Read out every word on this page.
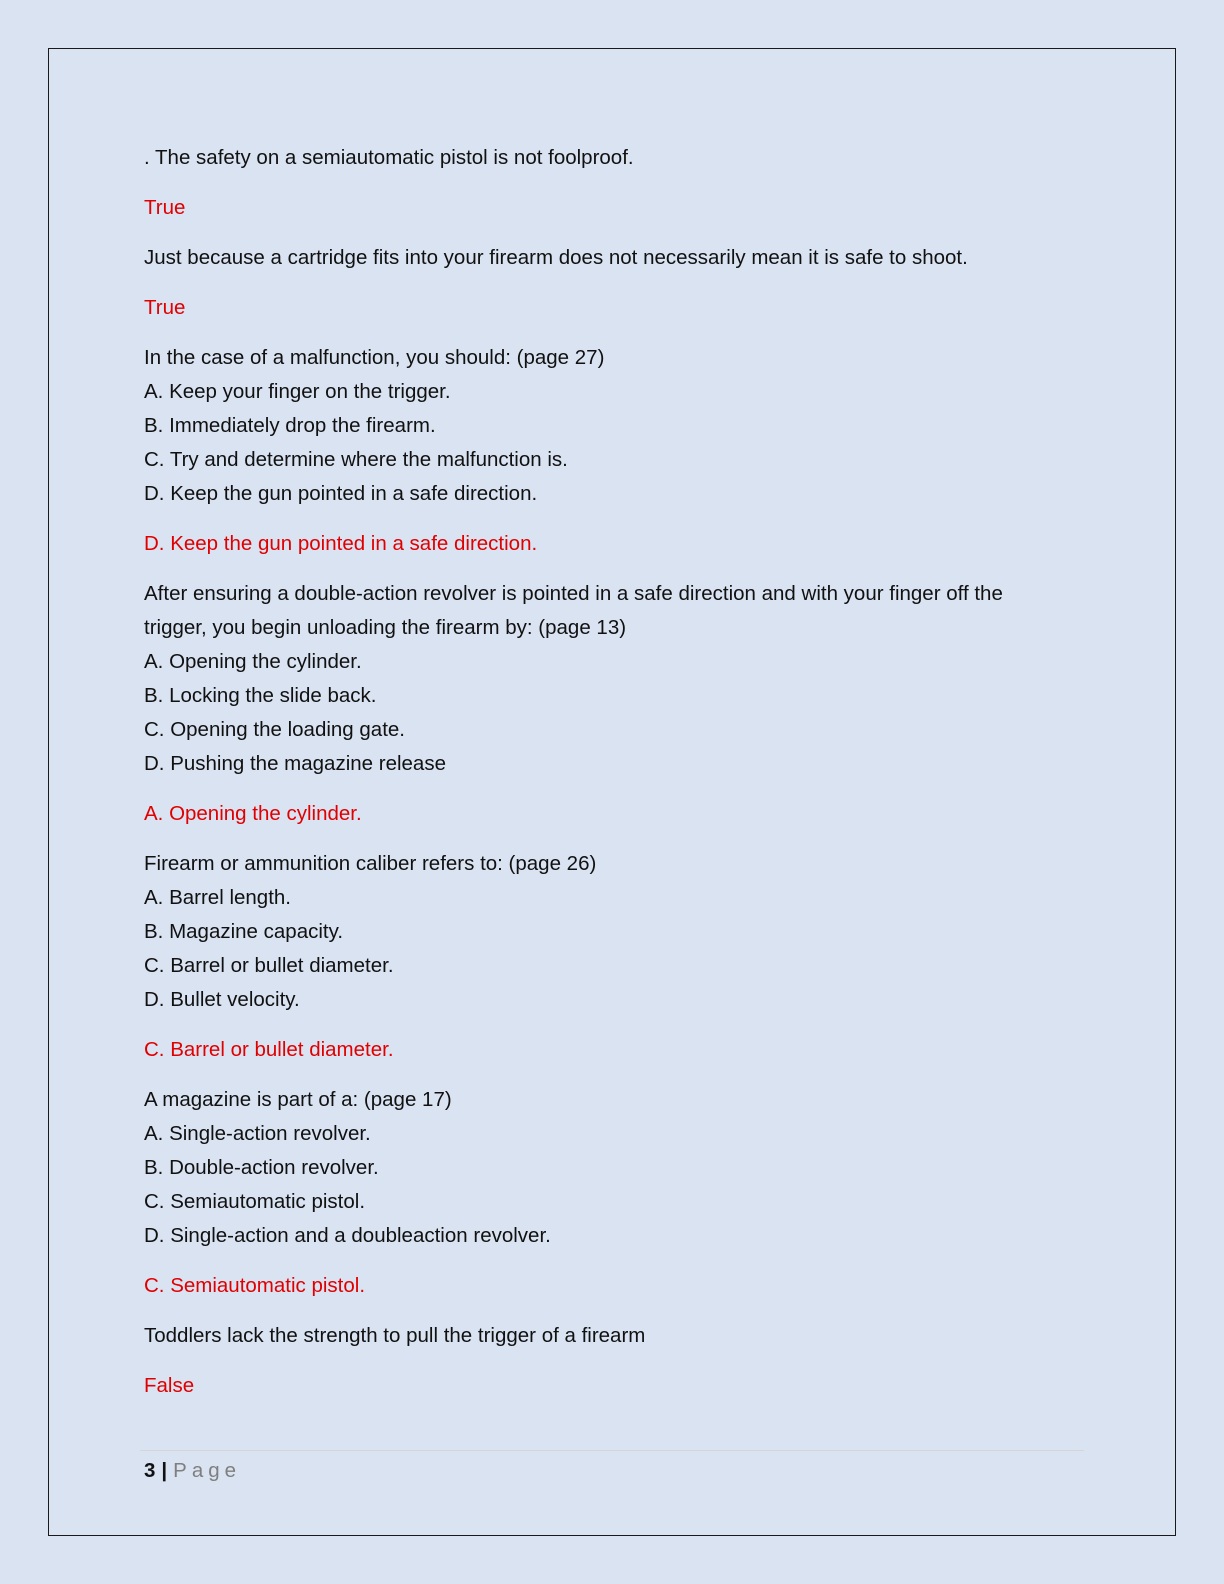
. The safety on a semiautomatic pistol is not foolproof.
True
Just because a cartridge fits into your firearm does not necessarily mean it is safe to shoot.
True
In the case of a malfunction, you should: (page 27)
A. Keep your finger on the trigger.
B. Immediately drop the firearm.
C. Try and determine where the malfunction is.
D. Keep the gun pointed in a safe direction.
D. Keep the gun pointed in a safe direction.
After ensuring a double-action revolver is pointed in a safe direction and with your finger off the
trigger, you begin unloading the firearm by: (page 13)
A. Opening the cylinder.
B. Locking the slide back.
C. Opening the loading gate.
D. Pushing the magazine release
A. Opening the cylinder.
Firearm or ammunition caliber refers to: (page 26)
A. Barrel length.
B. Magazine capacity.
C. Barrel or bullet diameter.
D. Bullet velocity.
C. Barrel or bullet diameter.
A magazine is part of a: (page 17)
A. Single-action revolver.
B. Double-action revolver.
C. Semiautomatic pistol.
D. Single-action and a doubleaction revolver.
C. Semiautomatic pistol.
Toddlers lack the strength to pull the trigger of a firearm
False
3 | Page
